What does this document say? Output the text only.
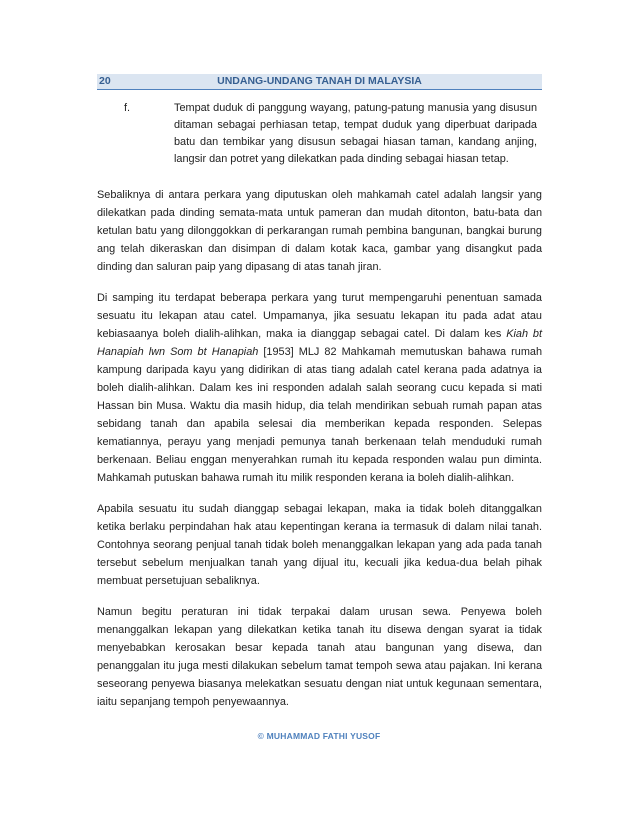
20	UNDANG-UNDANG TANAH DI MALAYSIA
f.	Tempat duduk di panggung wayang, patung-patung manusia yang disusun ditaman sebagai perhiasan tetap, tempat duduk yang diperbuat daripada batu dan tembikar yang disusun sebagai hiasan taman, kandang anjing, langsir dan potret yang dilekatkan pada dinding sebagai hiasan tetap.

Sebaliknya di antara perkara yang diputuskan oleh mahkamah catel adalah langsir yang dilekatkan pada dinding semata-mata untuk pameran dan mudah ditonton, batu-bata dan ketulan batu yang dilonggokkan di perkarangan rumah pembina bangunan, bangkai burung ang telah dikeraskan dan disimpan di dalam kotak kaca, gambar yang disangkut pada dinding dan saluran paip yang dipasang di atas tanah jiran.

Di samping itu terdapat beberapa perkara yang turut mempengaruhi penentuan samada sesuatu itu lekapan atau catel. Umpamanya, jika sesuatu lekapan itu pada adat atau kebiasaanya boleh dialih-alihkan, maka ia dianggap sebagai catel. Di dalam kes Kiah bt Hanapiah lwn Som bt Hanapiah [1953] MLJ 82 Mahkamah memutuskan bahawa rumah kampung daripada kayu yang didirikan di atas tiang adalah catel kerana pada adatnya ia boleh dialih-alihkan. Dalam kes ini responden adalah salah seorang cucu kepada si mati Hassan bin Musa. Waktu dia masih hidup, dia telah mendirikan sebuah rumah papan atas sebidang tanah dan apabila selesai dia memberikan kepada responden. Selepas kematiannya, perayu yang menjadi pemunya tanah berkenaan telah menduduki rumah berkenaan. Beliau enggan menyerahkan rumah itu kepada responden walau pun diminta. Mahkamah putuskan bahawa rumah itu milik responden kerana ia boleh dialih-alihkan.

Apabila sesuatu itu sudah dianggap sebagai lekapan, maka ia tidak boleh ditanggalkan ketika berlaku perpindahan hak atau kepentingan kerana ia termasuk di dalam nilai tanah. Contohnya seorang penjual tanah tidak boleh menanggalkan lekapan yang ada pada tanah tersebut sebelum menjualkan tanah yang dijual itu, kecuali jika kedua-dua belah pihak membuat persetujuan sebaliknya.

Namun begitu peraturan ini tidak terpakai dalam urusan sewa. Penyewa boleh menanggalkan lekapan yang dilekatkan ketika tanah itu disewa dengan syarat ia tidak menyebabkan kerosakan besar kepada tanah atau bangunan yang disewa, dan penanggalan itu juga mesti dilakukan sebelum tamat tempoh sewa atau pajakan. Ini kerana seseorang penyewa biasanya melekatkan sesuatu dengan niat untuk kegunaan sementara, iaitu sepanjang tempoh penyewaannya.

© MUHAMMAD FATHI YUSOF
